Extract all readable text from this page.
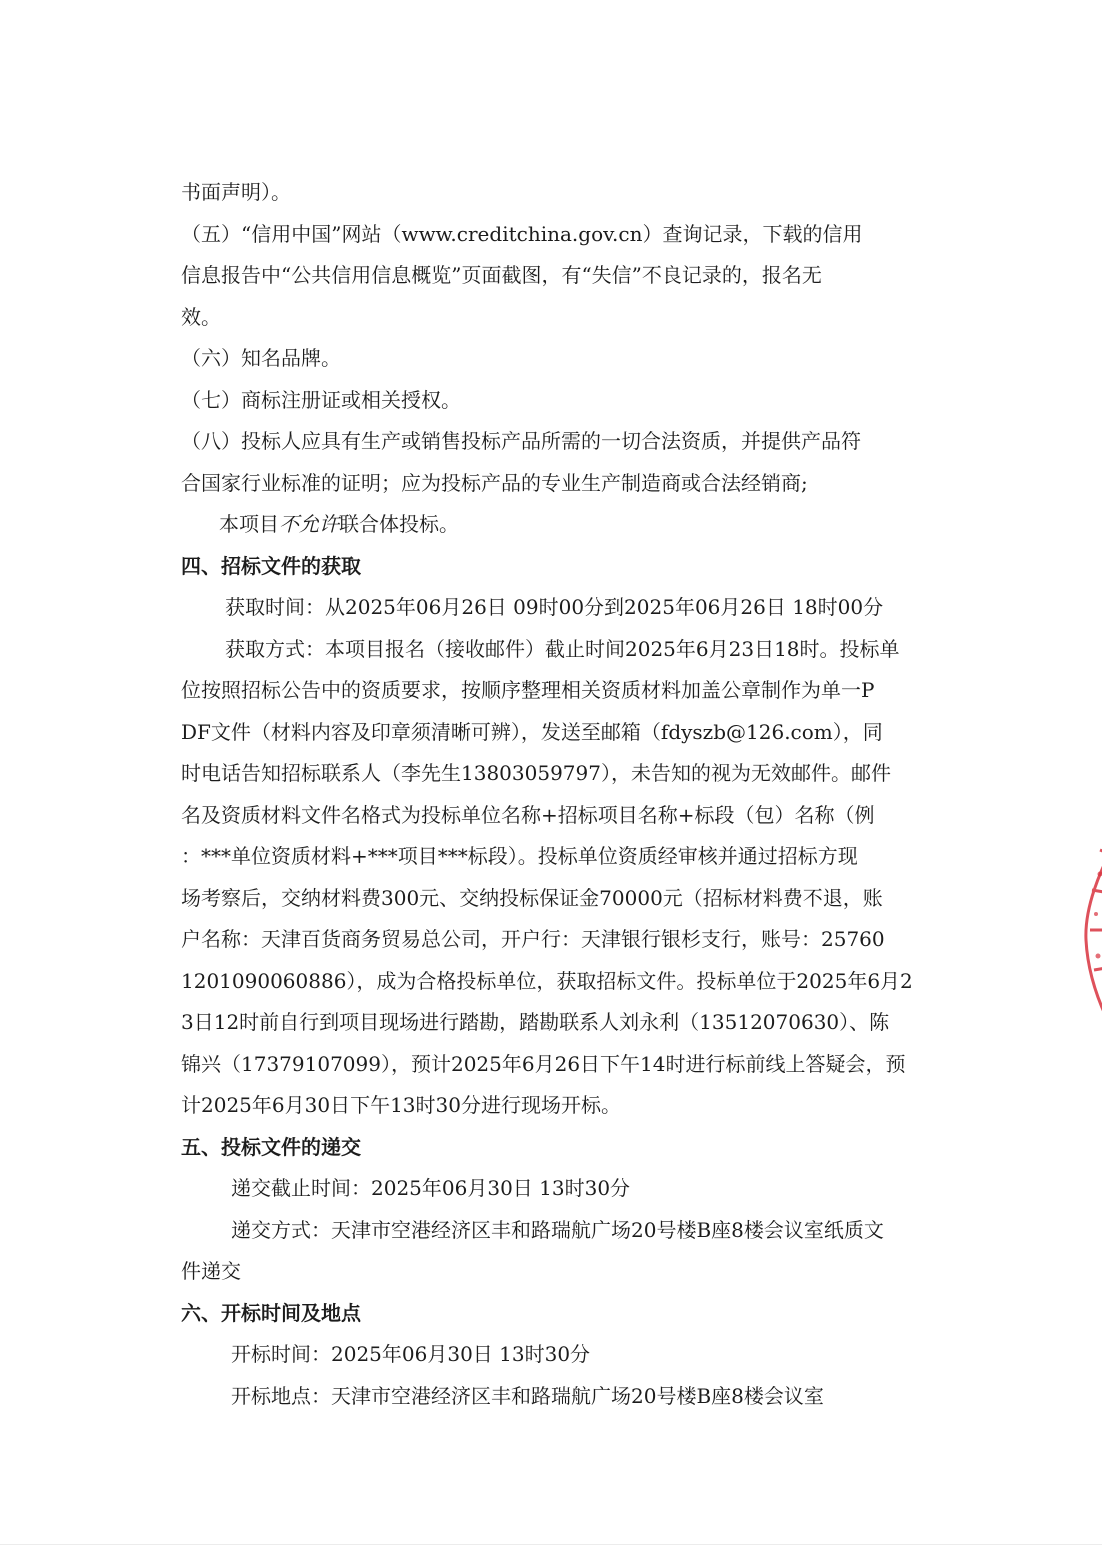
书面声明）。
（五）“信用中国”网站（www.creditchina.gov.cn）查询记录，下载的信用
信息报告中“公共信用信息概览”页面截图，有“失信”不良记录的，报名无
效。
（六）知名品牌。
（七）商标注册证或相关授权。
（八）投标人应具有生产或销售投标产品所需的一切合法资质，并提供产品符
合国家行业标准的证明；应为投标产品的专业生产制造商或合法经销商;
本项目不允许联合体投标。
四、招标文件的获取
获取时间：从2025年06月26日 09时00分到2025年06月26日 18时00分
获取方式：本项目报名（接收邮件）截止时间2025年6月23日18时。投标单
位按照招标公告中的资质要求，按顺序整理相关资质材料加盖公章制作为单一P
DF文件（材料内容及印章须清晰可辨），发送至邮箱（fdyszb@126.com），同
时电话告知招标联系人（李先生13803059797），未告知的视为无效邮件。邮件
名及资质材料文件名格式为投标单位名称+招标项目名称+标段（包）名称（例
：***单位资质材料+***项目***标段）。投标单位资质经审核并通过招标方现
场考察后，交纳材料费300元、交纳投标保证金70000元（招标材料费不退，账
户名称：天津百货商务贸易总公司，开户行：天津银行银杉支行，账号：25760
1201090060886），成为合格投标单位，获取招标文件。投标单位于2025年6月2
3日12时前自行到项目现场进行踏勘，踏勘联系人刘永利（13512070630）、陈
锦兴（17379107099），预计2025年6月26日下午14时进行标前线上答疑会，预
计2025年6月30日下午13时30分进行现场开标。
五、投标文件的递交
递交截止时间：2025年06月30日 13时30分
递交方式：天津市空港经济区丰和路瑞航广场20号楼B座8楼会议室纸质文
件递交
六、开标时间及地点
开标时间：2025年06月30日 13时30分
开标地点：天津市空港经济区丰和路瑞航广场20号楼B座8楼会议室
